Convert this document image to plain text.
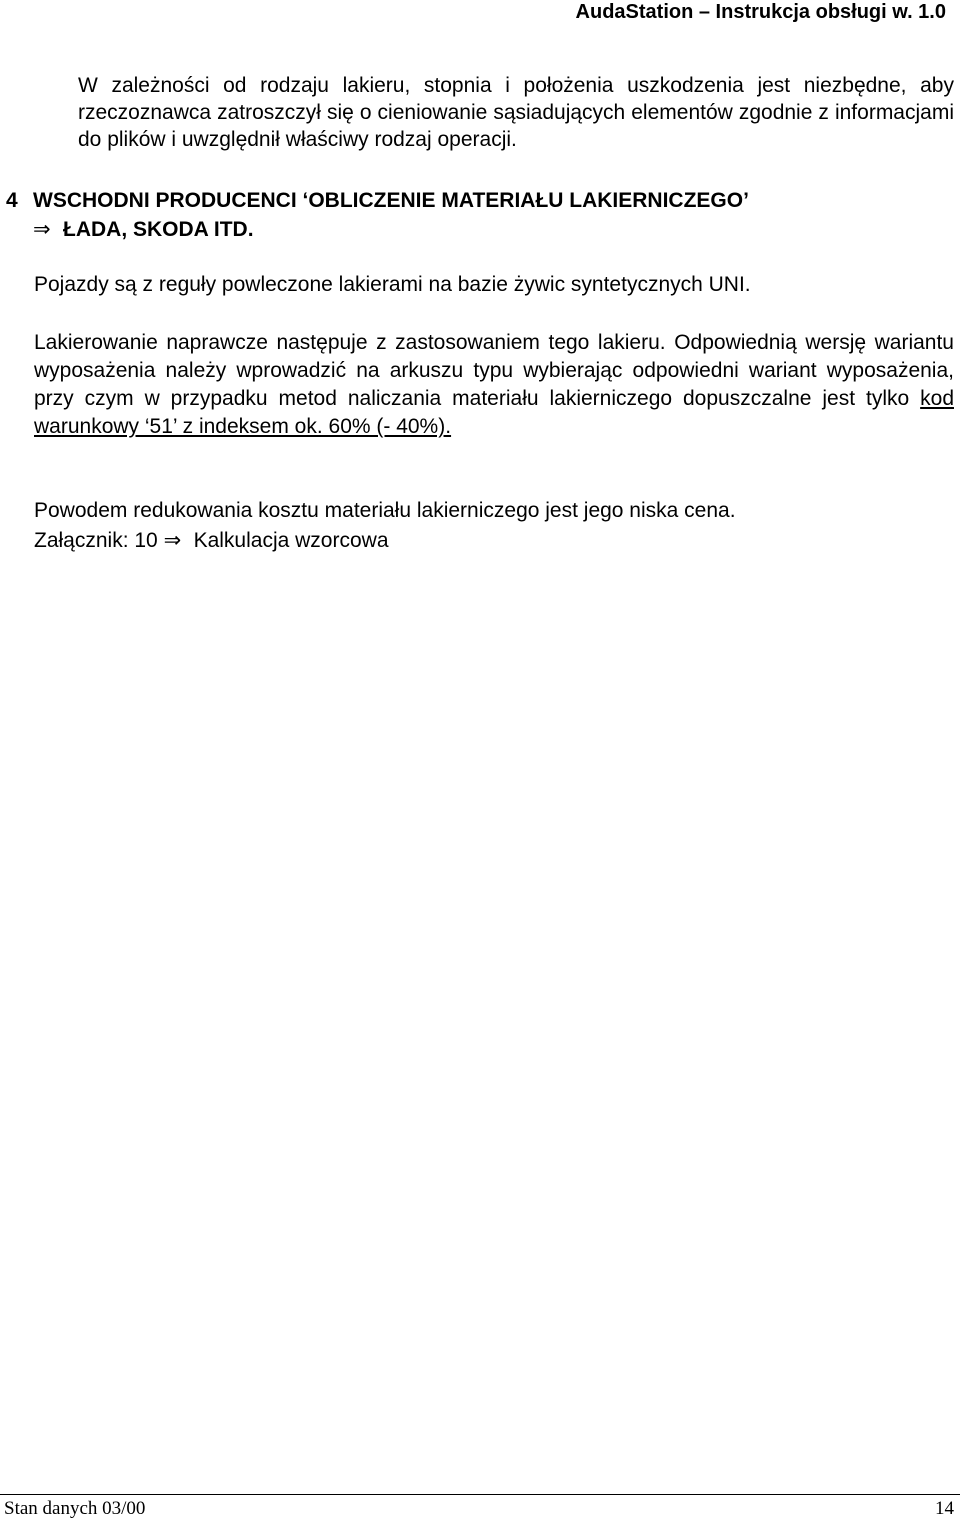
AudaStation – Instrukcja obsługi w. 1.0

W zależności od rodzaju lakieru, stopnia i położenia uszkodzenia jest niezbędne, aby rzeczoznawca zatroszczył się o cieniowanie sąsiadujących elementów zgodnie z informacjami do plików i uwzględnił właściwy rodzaj operacji.

4 WSCHODNI PRODUCENCI ‘OBLICZENIE MATERIAŁU LAKIERNICZEGO’
⇒ ŁADA, SKODA ITD.

Pojazdy są z reguły powleczone lakierami na bazie żywic syntetycznych UNI.

Lakierowanie naprawcze następuje z zastosowaniem tego lakieru. Odpowiednią wersję wariantu wyposażenia należy wprowadzić na arkuszu typu wybierając odpowiedni wariant wyposażenia, przy czym w przypadku metod naliczania materiału lakierniczego dopuszczalne jest tylko kod warunkowy ‘51’ z indeksem ok. 60% (- 40%).

Powodem redukowania kosztu materiału lakierniczego jest jego niska cena.

Załącznik: 10 ⇒ Kalkulacja wzorcowa

Stan danych 03/00	14
